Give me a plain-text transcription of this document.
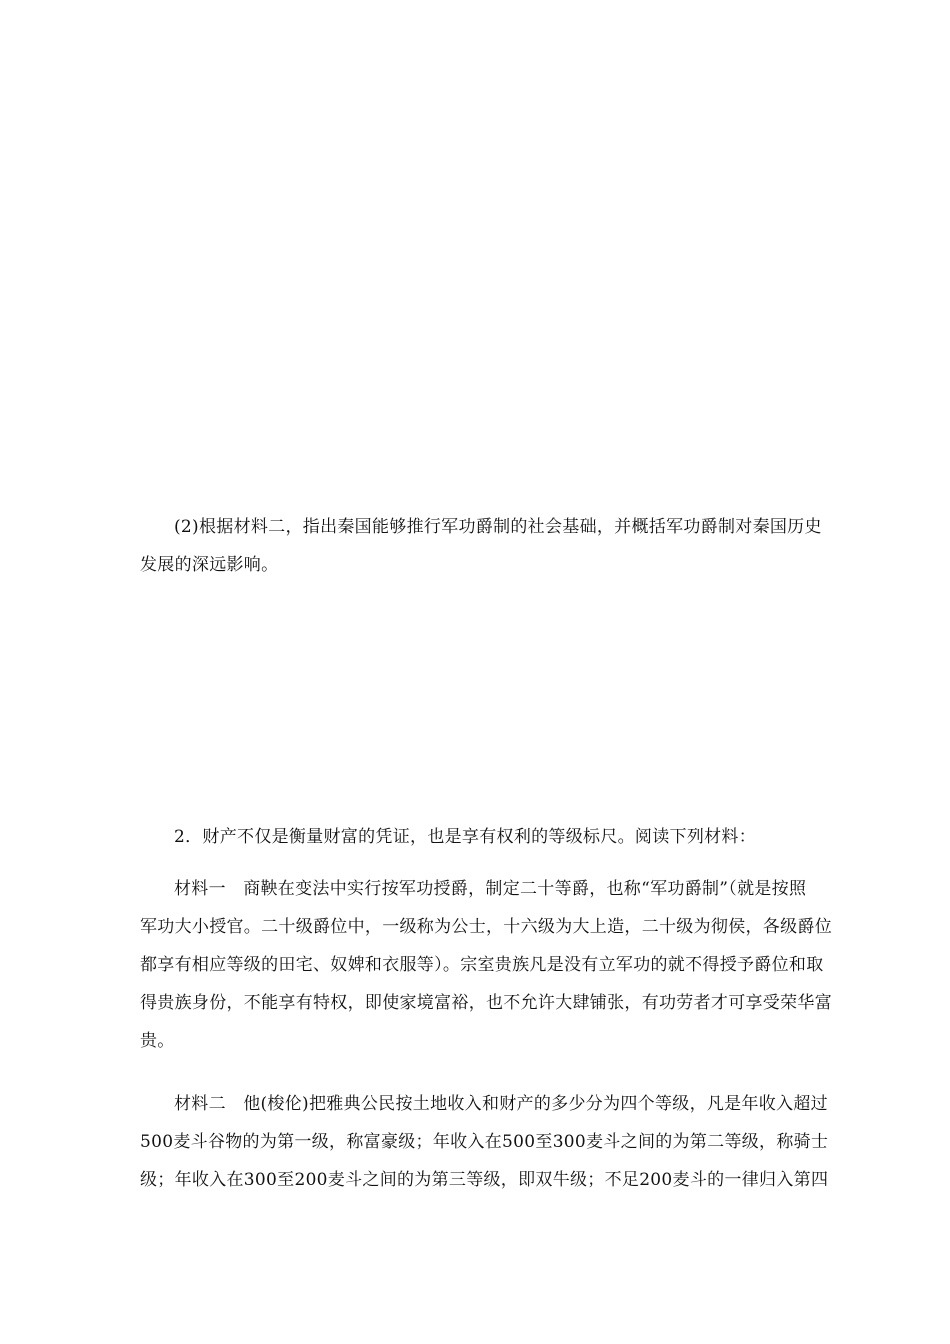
(2)根据材料二，指出秦国能够推行军功爵制的社会基础，并概括军功爵制对秦国历史
发展的深远影响。
2．财产不仅是衡量财富的凭证，也是享有权利的等级标尺。阅读下列材料：
材料一　商鞅在变法中实行按军功授爵，制定二十等爵，也称“军功爵制”（就是按照
军功大小授官。二十级爵位中，一级称为公士，十六级为大上造，二十级为彻侯，各级爵位
都享有相应等级的田宅、奴婢和衣服等）。宗室贵族凡是没有立军功的就不得授予爵位和取
得贵族身份，不能享有特权，即使家境富裕，也不允许大肆铺张，有功劳者才可享受荣华富
贵。
材料二　他(梭伦)把雅典公民按土地收入和财产的多少分为四个等级，凡是年收入超过
500麦斗谷物的为第一级，称富豪级；年收入在500至300麦斗之间的为第二等级，称骑士
级；年收入在300至200麦斗之间的为第三等级，即双牛级；不足200麦斗的一律归入第四
